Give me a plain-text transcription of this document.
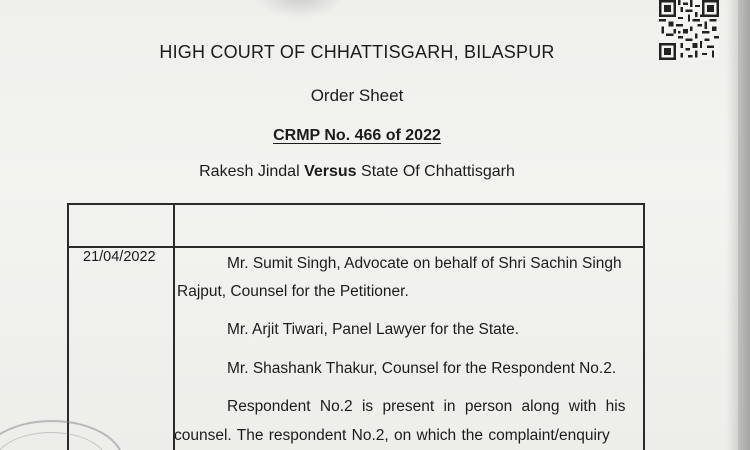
HIGH COURT OF CHHATTISGARH, BILASPUR
Order Sheet
CRMP No. 466 of 2022
Rakesh Jindal Versus State Of Chhattisgarh
21/04/2022	Mr. Sumit Singh, Advocate on behalf of Shri Sachin Singh
Rajput, Counsel for the Petitioner.
Mr. Arjit Tiwari, Panel Lawyer for the State.
Mr. Shashank Thakur, Counsel for the Respondent No.2.
Respondent No.2 is present in person along with his
counsel. The respondent No.2, on which the complaint/enquiry
